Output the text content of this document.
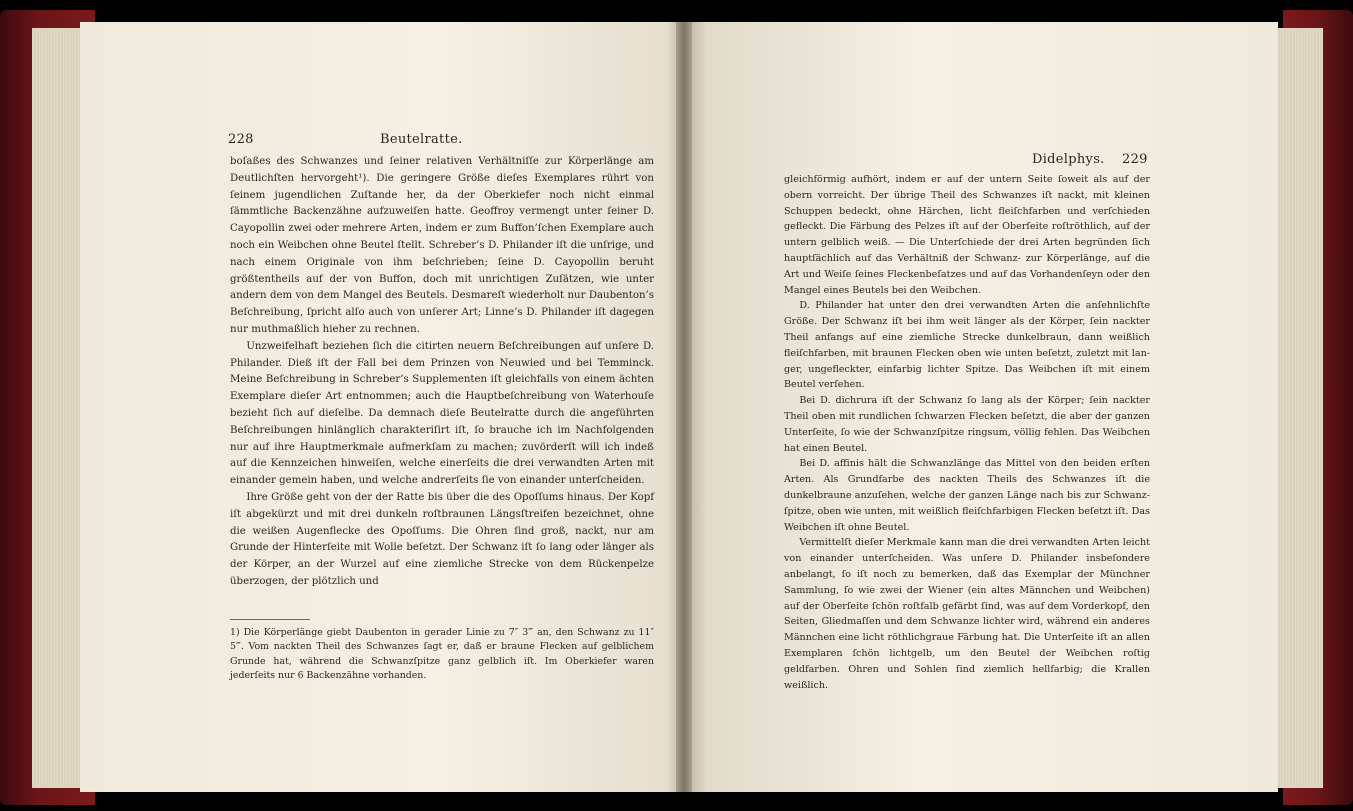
228	Beutelratte.

boſaßes des Schwanzes und ſeiner relativen Verhältniſſe zur Körperlänge am Deutlichſten hervorgeht¹). Die geringere Größe dieſes Exemplares rührt von ſeinem jugendlichen Zuſtande her, da der Oberkiefer noch nicht einmal ſämmtliche Backenzähne aufzuweiſen hatte. Geoffroy vermengt unter ſeiner D. Cayopollin zwei oder mehrere Arten, indem er zum Buffon’ſchen Exemplare auch noch ein Weibchen ohne Beutel ſtellt. Schreber’s D. Philander iſt die unſrige, und nach einem Originale von ihm beſchrieben; ſeine D. Cayopollin beruht größtentheils auf der von Buffon, doch mit unrichtigen Zuſätzen, wie unter andern dem von dem Mangel des Beutels. Desmareſt wiederholt nur Daubenton’s Beſchreibung, ſpricht alſo auch von unſerer Art; Linne’s D. Philander iſt dagegen nur muthmaßlich hieher zu rechnen.

Unzweifelhaft beziehen ſich die citirten neuern Beſchreibungen auf unſere D. Philander. Dieß iſt der Fall bei dem Prinzen von Neuwied und bei Temminck. Meine Beſchreibung in Schreber’s Supplementen iſt gleichfalls von einem ächten Exemplare dieſer Art entnommen; auch die Hauptbeſchreibung von Waterhouſe bezieht ſich auf dieſelbe. Da demnach dieſe Beutelratte durch die angeführten Beſchreibungen hinlänglich charakteriſirt iſt, ſo brauche ich im Nachfolgenden nur auf ihre Hauptmerkmale aufmerkſam zu machen; zuvörderſt will ich indeß auf die Kennzeichen hinweiſen, welche einerſeits die drei verwandten Arten mit einander gemein haben, und welche andrerſeits ſie von einander unterſcheiden.

Ihre Größe geht von der der Ratte bis über die des Opoſſums hinaus. Der Kopf iſt abgekürzt und mit drei dunkeln roſtbraunen Längsſtreifen bezeichnet, ohne die weißen Augenflecke des Opoſſums. Die Ohren ſind groß, nackt, nur am Grunde der Hinterſeite mit Wolle beſetzt. Der Schwanz iſt ſo lang oder länger als der Körper, an der Wurzel auf eine ziemliche Strecke von dem Rückenpelze überzogen, der plötzlich und

1) Die Körperlänge giebt Daubenton in gerader Linie zu 7″ 3‴ an, den Schwanz zu 11″ 5‴. Vom nackten Theil des Schwanzes ſagt er, daß er braune Flecken auf gelblichem Grunde hat, während die Schwanzſpitze ganz gelblich iſt. Im Oberkiefer waren jederſeits nur 6 Backenzähne vorhanden.

Didelphys. 229

gleichförmig aufhört, indem er auf der untern Seite ſoweit als auf der obern vorreicht. Der übrige Theil des Schwanzes iſt nackt, mit kleinen Schuppen bedeckt, ohne Härchen, licht fleiſchfarben und verſchieden gefleckt. Die Färbung des Pelzes iſt auf der Oberſeite roſtröthlich, auf der untern gelblich weiß. — Die Unterſchiede der drei Arten begründen ſich hauptſächlich auf das Verhältniß der Schwanz- zur Körperlänge, auf die Art und Weiſe ſeines Fleckenbeſatzes und auf das Vorhandenſeyn oder den Mangel eines Beutels bei den Weibchen.

D. Philander hat unter den drei verwandten Arten die anſehnlichſte Größe. Der Schwanz iſt bei ihm weit länger als der Körper, ſein nackter Theil anfangs auf eine ziemliche Strecke dunkelbraun, dann weißlich fleiſchfarben, mit braunen Flecken oben wie unten beſetzt, zuletzt mit langer, ungefleckter, einfarbig lichter Spitze. Das Weibchen iſt mit einem Beutel verſehen.

Bei D. dichrura iſt der Schwanz ſo lang als der Körper; ſein nackter Theil oben mit rundlichen ſchwarzen Flecken beſetzt, die aber der ganzen Unterſeite, ſo wie der Schwanzſpitze ringsum, völlig fehlen. Das Weibchen hat einen Beutel.

Bei D. affinis hält die Schwanzlänge das Mittel von den beiden erſten Arten. Als Grundfarbe des nackten Theils des Schwanzes iſt die dunkelbraune anzuſehen, welche der ganzen Länge nach bis zur Schwanzſpitze, oben wie unten, mit weißlich fleiſchfarbigen Flecken beſetzt iſt. Das Weibchen iſt ohne Beutel.

Vermittelſt dieſer Merkmale kann man die drei verwandten Arten leicht von einander unterſcheiden. Was unſere D. Philander insbeſondere anbelangt, ſo iſt noch zu bemerken, daß das Exemplar der Münchner Sammlung, ſo wie zwei der Wiener (ein altes Männchen und Weibchen) auf der Oberſeite ſchön roſtfalb gefärbt ſind, was auf dem Vorderkopf, den Seiten, Gliedmaſſen und dem Schwanze lichter wird, während ein anderes Männchen eine licht röthlichgraue Färbung hat. Die Unterſeite iſt an allen Exemplaren ſchön lichtgelb, um den Beutel der Weibchen roſtig geldfarben. Ohren und Sohlen ſind ziemlich hellfarbig; die Krallen weißlich.
